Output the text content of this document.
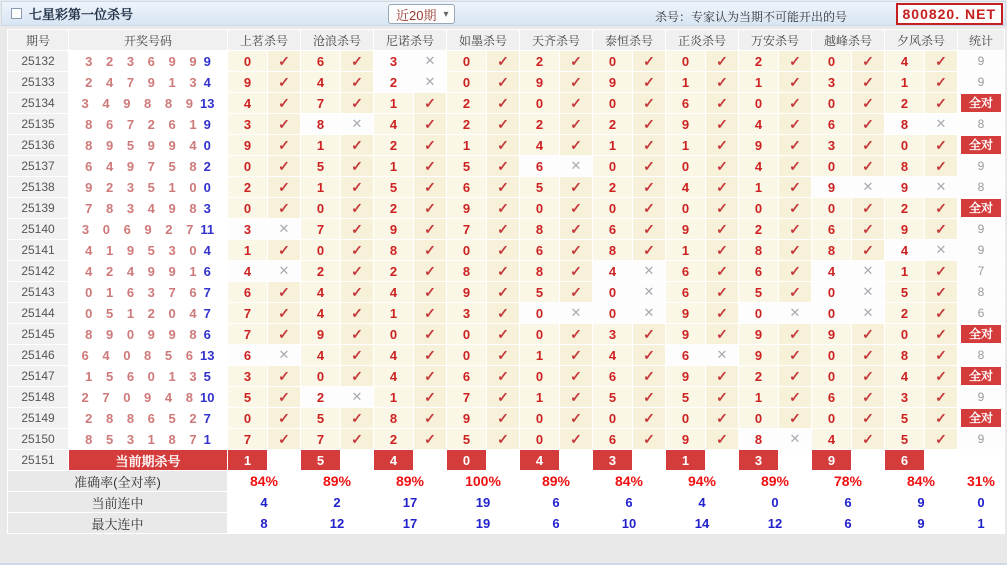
七星彩第一位杀号	近20期 ▾	杀号：专家认为当期不可能开出的号	800820. NET
期号	开奖号码	上茗杀号		沧浪杀号		尼诺杀号		如墨杀号		天齐杀号		泰恒杀号		正炎杀号		万安杀号		越峰杀号		夕风杀号		统计
25132	3 2 3 6 9 9 9	0	✓	6	✓	3	✕	0	✓	2	✓	0	✓	0	✓	2	✓	0	✓	4	✓	9
25133	2 4 7 9 1 3 4	9	✓	4	✓	2	✕	0	✓	9	✓	9	✓	1	✓	1	✓	3	✓	1	✓	9
25134	3 4 9 8 8 9 13	4	✓	7	✓	1	✓	2	✓	0	✓	0	✓	6	✓	0	✓	0	✓	2	✓	全对

25135	8 6 7 2 6 1 9	3	✓	8	✕	4	✓	2	✓	2	✓	2	✓	9	✓	4	✓	6	✓	8	✕	8
25136	8 9 5 9 9 4 0	9	✓	1	✓	2	✓	1	✓	4	✓	1	✓	1	✓	9	✓	3	✓	0	✓	全对

25137	6 4 9 7 5 8 2	0	✓	5	✓	1	✓	5	✓	6	✕	0	✓	0	✓	4	✓	0	✓	8	✓	9
25138	9 2 3 5 1 0 0	2	✓	1	✓	5	✓	6	✓	5	✓	2	✓	4	✓	1	✓	9	✕	9	✕	8
25139	7 8 3 4 9 8 3	0	✓	0	✓	2	✓	9	✓	0	✓	0	✓	0	✓	0	✓	0	✓	2	✓	全对

25140	3 0 6 9 2 7 11	3	✕	7	✓	9	✓	7	✓	8	✓	6	✓	9	✓	2	✓	6	✓	9	✓	9
25141	4 1 9 5 3 0 4	1	✓	0	✓	8	✓	0	✓	6	✓	8	✓	1	✓	8	✓	8	✓	4	✕	9
25142	4 2 4 9 9 1 6	4	✕	2	✓	2	✓	8	✓	8	✓	4	✕	6	✓	6	✓	4	✕	1	✓	7
25143	0 1 6 3 7 6 7	6	✓	4	✓	4	✓	9	✓	5	✓	0	✕	6	✓	5	✓	0	✕	5	✓	8
25144	0 5 1 2 0 4 7	7	✓	4	✓	1	✓	3	✓	0	✕	0	✕	9	✓	0	✕	0	✕	2	✓	6
25145	8 9 0 9 9 8 6	7	✓	9	✓	0	✓	0	✓	0	✓	3	✓	9	✓	9	✓	9	✓	0	✓	全对

25146	6 4 0 8 5 6 13	6	✕	4	✓	4	✓	0	✓	1	✓	4	✓	6	✕	9	✓	0	✓	8	✓	8
25147	1 5 6 0 1 3 5	3	✓	0	✓	4	✓	6	✓	0	✓	6	✓	9	✓	2	✓	0	✓	4	✓	全对

25148	2 7 0 9 4 8 10	5	✓	2	✕	1	✓	7	✓	1	✓	5	✓	5	✓	1	✓	6	✓	3	✓	9
25149	2 8 8 6 5 2 7	0	✓	5	✓	8	✓	9	✓	0	✓	0	✓	0	✓	0	✓	0	✓	5	✓	全对

25150	8 5 3 1 8 7 1	7	✓	7	✓	2	✓	5	✓	0	✓	6	✓	9	✓	8	✕	4	✓	5	✓	9
25151	当前期杀号	1		5		4		0		4		3		1		3		9		6		
准确率(全对率)		84%		89%		89%		100%		89%		84%		94%		89%		78%		84%		31%
当前连中		4		2		17		19		6		6		4		0		6		9		0
最大连中		8		12		17		19		6		10		14		12		6		9		1
